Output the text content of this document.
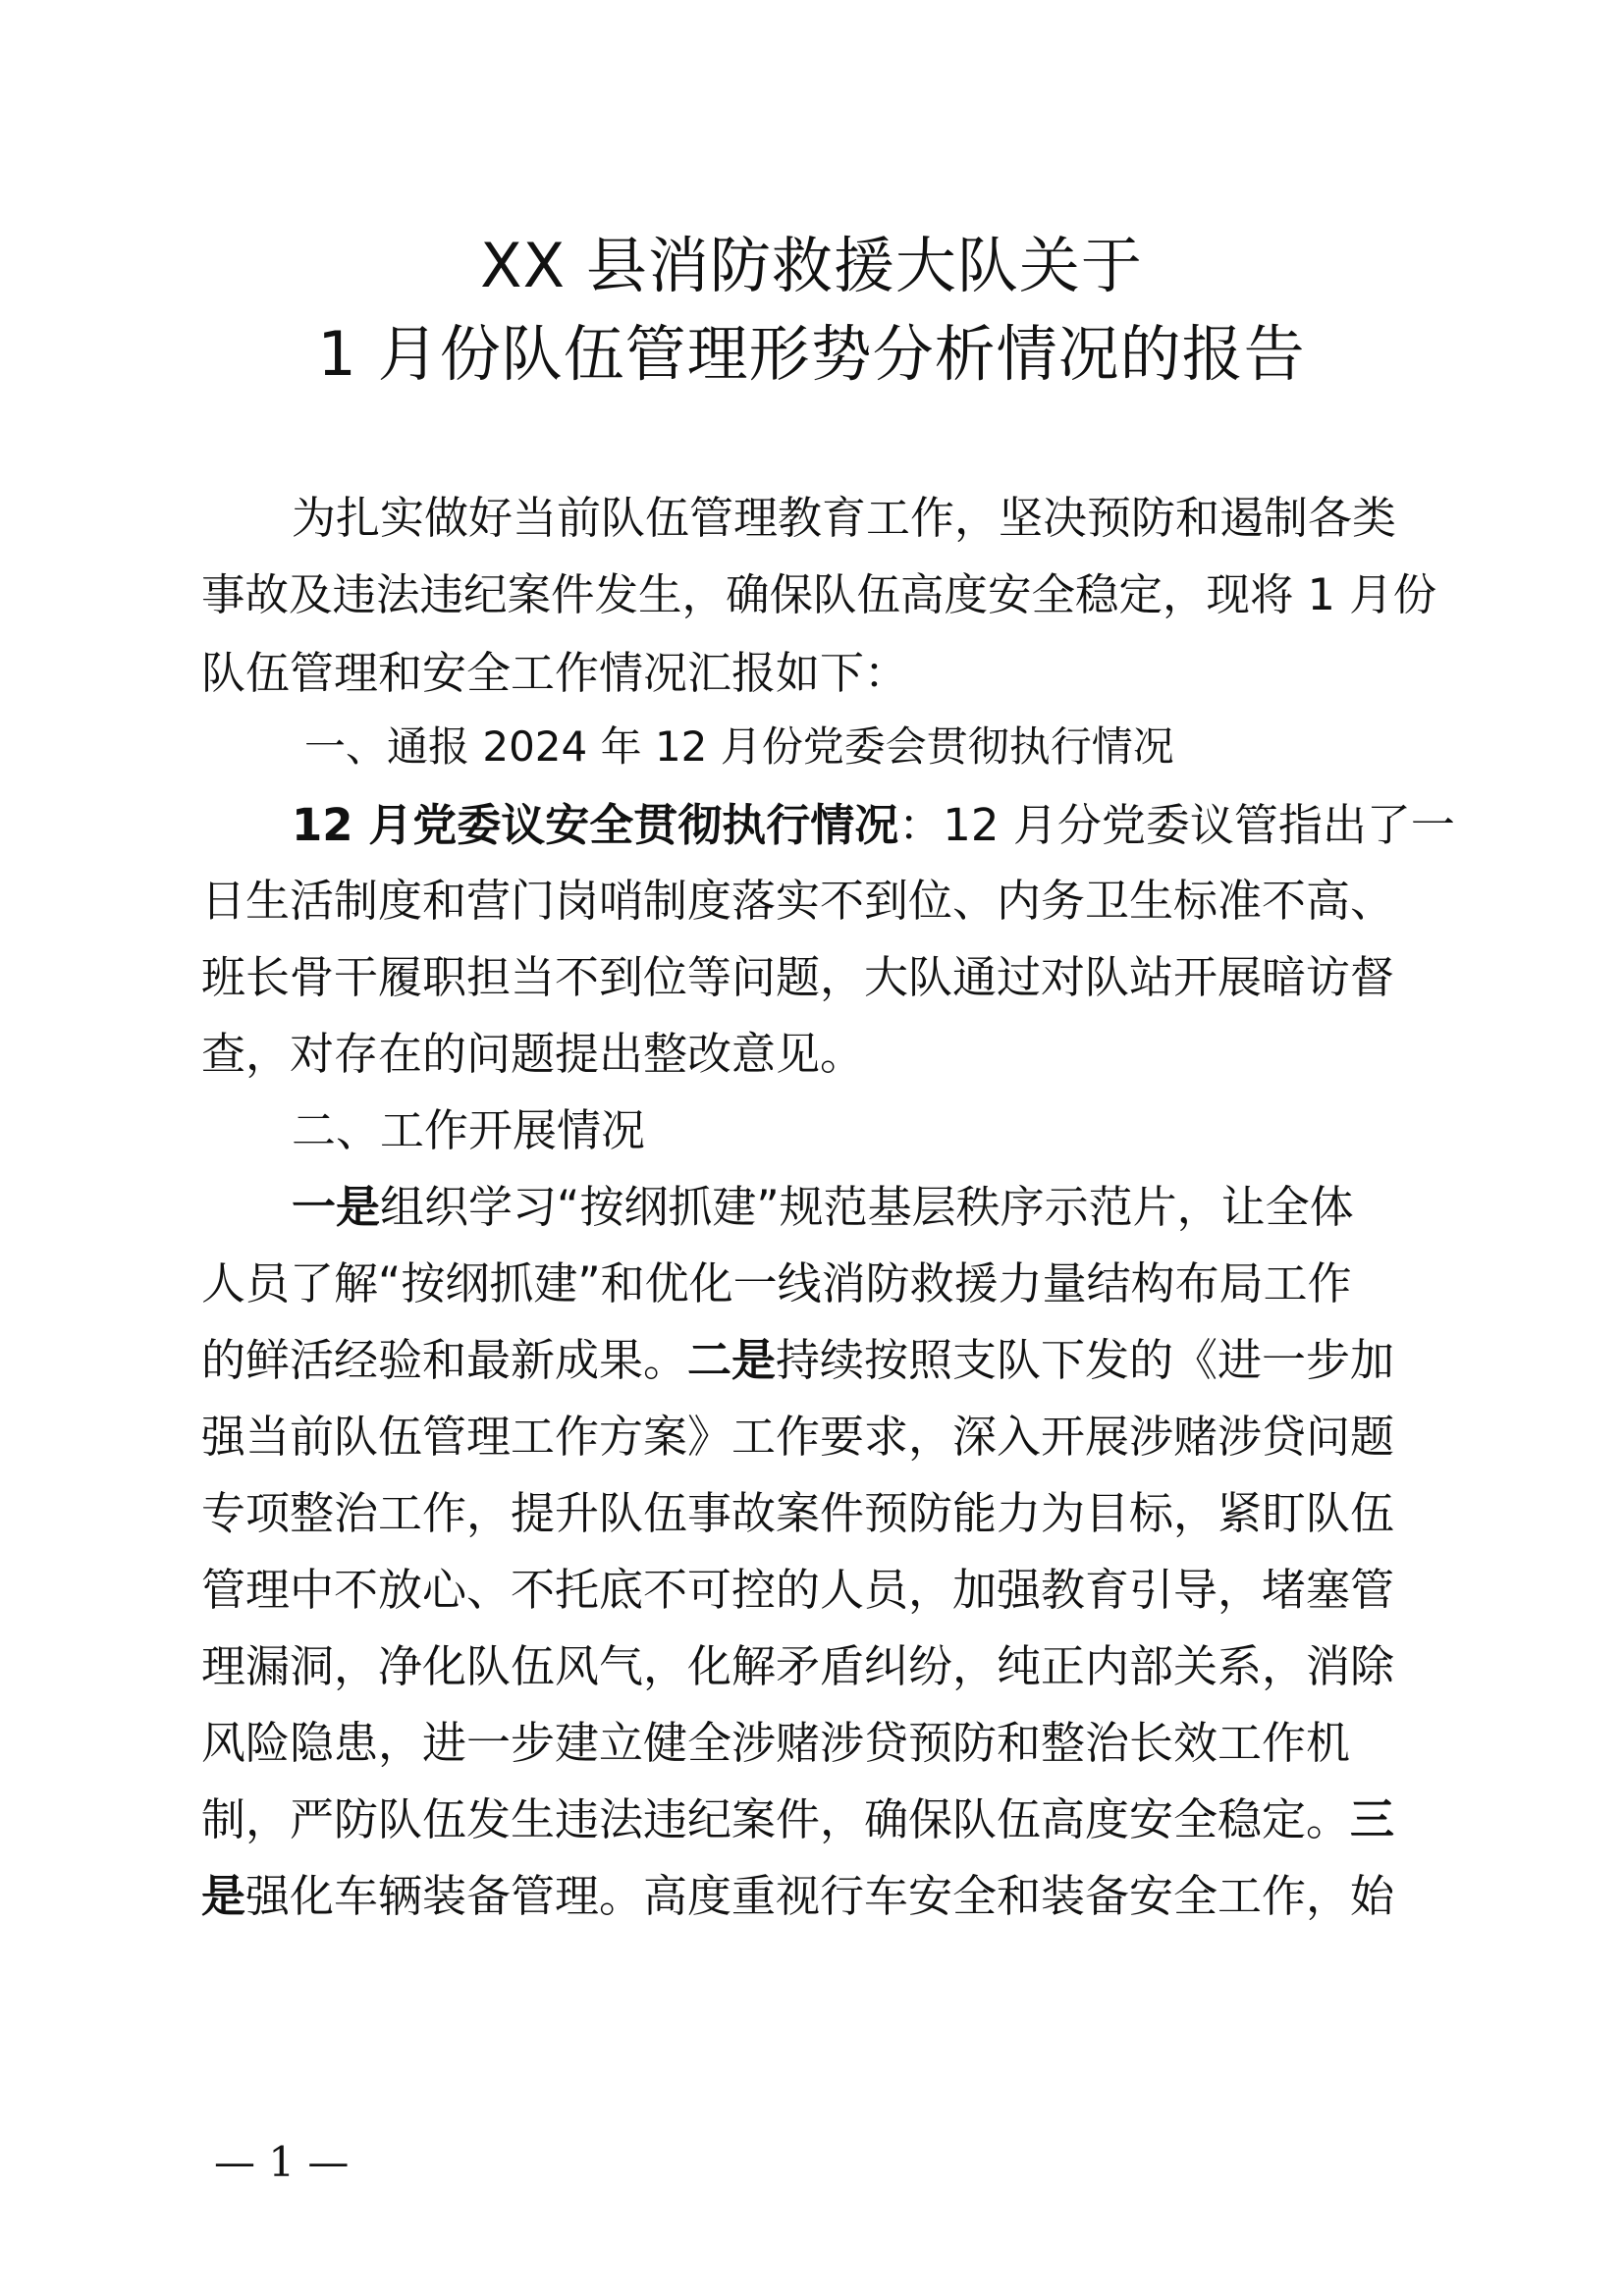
XX 县消防救援大队关于
1 月份队伍管理形势分析情况的报告
为扎实做好当前队伍管理教育工作，坚决预防和遏制各类
事故及违法违纪案件发生，确保队伍高度安全稳定，现将 1 月份
队伍管理和安全工作情况汇报如下：
一、通报 2024 年 12 月份党委会贯彻执行情况
12 月党委议安全贯彻执行情况：12 月分党委议管指出了一
日生活制度和营门岗哨制度落实不到位、内务卫生标准不高、
班长骨干履职担当不到位等问题，大队通过对队站开展暗访督
查，对存在的问题提出整改意见。
二、工作开展情况
一是组织学习“按纲抓建”规范基层秩序示范片，让全体
人员了解“按纲抓建”和优化一线消防救援力量结构布局工作
的鲜活经验和最新成果。二是持续按照支队下发的《进一步加
强当前队伍管理工作方案》工作要求，深入开展涉赌涉贷问题
专项整治工作，提升队伍事故案件预防能力为目标，紧盯队伍
管理中不放心、不托底不可控的人员，加强教育引导，堵塞管
理漏洞，净化队伍风气，化解矛盾纠纷，纯正内部关系，消除
风险隐患，进一步建立健全涉赌涉贷预防和整治长效工作机
制，严防队伍发生违法违纪案件，确保队伍高度安全稳定。三
是强化车辆装备管理。高度重视行车安全和装备安全工作，始
— 1 —
